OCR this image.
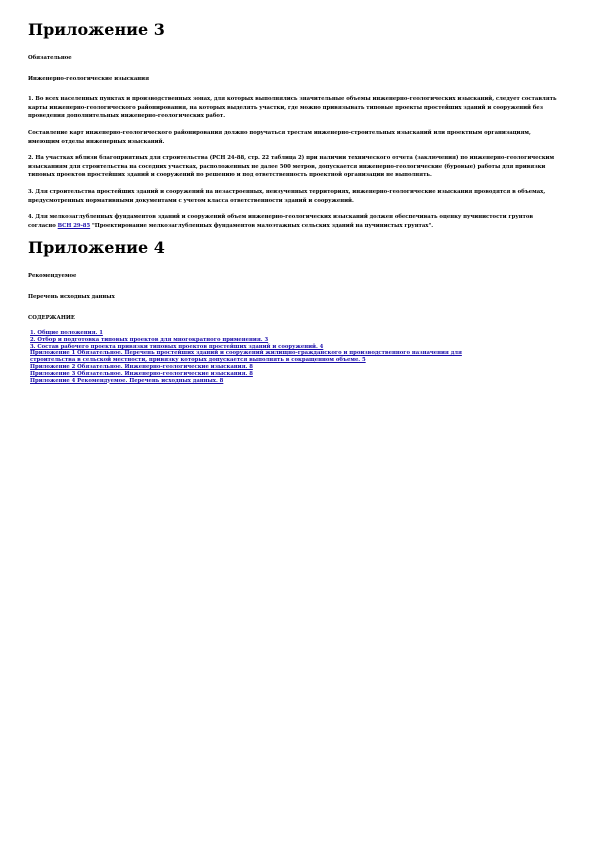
Приложение 3

Обязательное

Инженерно-геологические изыскания

1. Во всех населенных пунктах и производственных зонах, для которых выполнялись значительные объемы инженерно-геологических изысканий, следует составлять карты инженерно-геологического районирования, на которых выделять участки, где можно привязывать типовые проекты простейших зданий и сооружений без проведения дополнительных инженерно-геологических работ.

Составление карт инженерно-геологического районирования должно поручаться трестам инженерно-строительных изысканий или проектным организациям, имеющим отделы инженерных изысканий.

2. На участках вблизи благоприятных для строительства (РСН 24-88, стр. 22 таблица 2) при наличии технического отчета (заключения) по инженерно-геологическим изысканиям для строительства на соседних участках, расположенных не далее 500 метров, допускается инженерно-геологические (буровые) работы для привязки типовых проектов простейших зданий и сооружений по решению и под ответственность проектной организации не выполнять.

3. Для строительства простейших зданий и сооружений на незастроенных, неизученных территориях, инженерно-геологические изыскания проводятся в объемах, предусмотренных нормативными документами с учетом класса ответственности зданий и сооружений.

4. Для мелкозаглубленных фундаментов зданий и сооружений объем инженерно-геологических изысканий должен обеспечивать оценку пучинистости грунтов согласно ВСН 29-85 "Проектирование мелкозаглубленных фундаментов малоэтажных сельских зданий на пучинистых грунтах".

Приложение 4

Рекомендуемое

Перечень исходных данных

СОДЕРЖАНИЕ

1. Общие положения. 1
2. Отбор и подготовка типовых проектов для многократного применения. 3
3. Состав рабочего проекта привязки типовых проектов простейших зданий и сооружений. 4
Приложение 1 Обязательное. Перечень простейших зданий и сооружений жилищно-гражданского и производственного назначения для строительства в сельской местности, привязку которых допускается выполнять в сокращенном объеме. 5
Приложение 2 Обязательное. Инженерно-геологические изыскания. 8
Приложение 3 Обязательное. Инженерно-геологические изыскания. 8
Приложение 4 Рекомендуемое. Перечень исходных данных. 8
